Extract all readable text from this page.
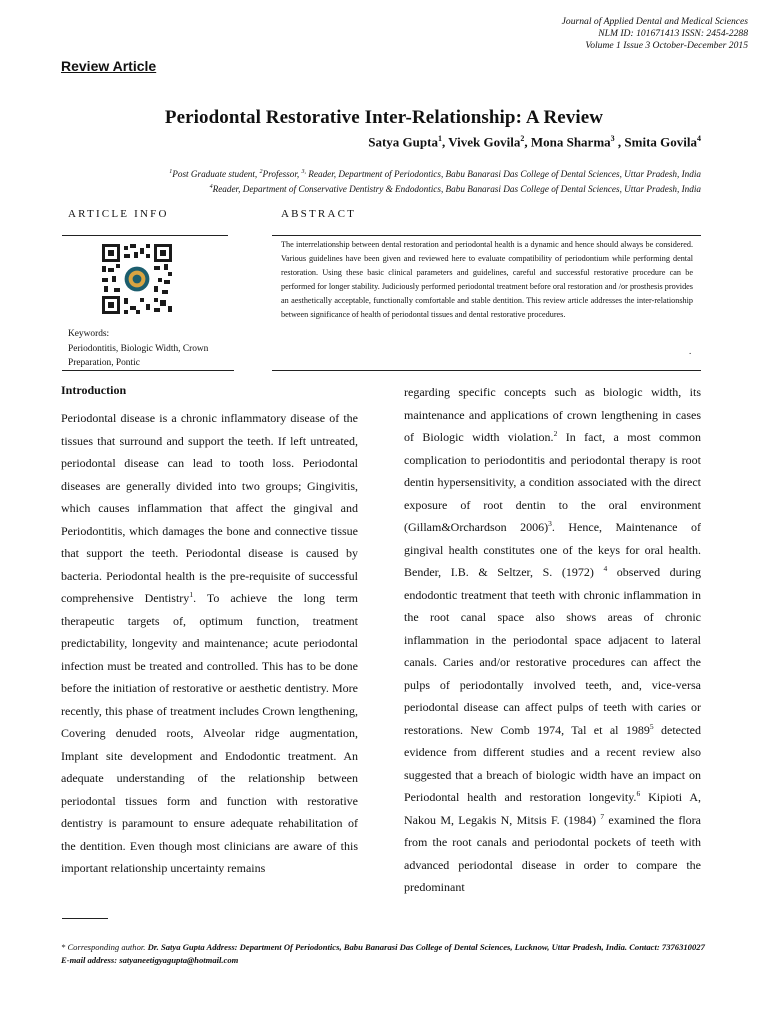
Journal of Applied Dental and Medical Sciences
NLM ID: 101671413 ISSN: 2454-2288
Volume 1 Issue 3 October-December 2015
Review Article
Periodontal Restorative Inter-Relationship: A Review
Satya Gupta$^1$, Vivek Govila$^2$, Mona Sharma$^3$ , Smita Govila$^4$
$^1$Post Graduate student, $^2$Professor, $^{3,}$ Reader, Department of Periodontics, Babu Banarasi Das College of Dental Sciences, Uttar Pradesh, India
$^4$Reader, Department of Conservative Dentistry & Endodontics, Babu Banarasi Das College of Dental Sciences, Uttar Pradesh, India
ARTICLE INFO	ABSTRACT
Keywords:
Periodontitis, Biologic Width, Crown
Preparation, Pontic
The interrelationship between dental restoration and periodontal health is a dynamic and hence should always be considered. Various guidelines have been given and reviewed here to evaluate compatibility of periodontium while performing dental restoration. Using these basic clinical parameters and guidelines, careful and successful restorative procedure can be performed for longer stability. Judiciously performed periodontal treatment before oral restoration and /or prosthesis provides an aesthetically acceptable, functionally comfortable and stable dentition. This review article addresses the inter-relationship between significance of health of periodontal tissues and dental restorative procedures.
.
Introduction

Periodontal disease is a chronic inflammatory disease of the tissues that surround and support the teeth. If left untreated, periodontal disease can lead to tooth loss. Periodontal diseases are generally divided into two groups; Gingivitis, which causes inflammation that affect the gingival and Periodontitis, which damages the bone and connective tissue that support the teeth. Periodontal disease is caused by bacteria. Periodontal health is the pre-requisite of successful comprehensive Dentistry$^1$. To achieve the long term therapeutic targets of, optimum function, treatment predictability, longevity and maintenance; acute periodontal infection must be treated and controlled. This has to be done before the initiation of restorative or aesthetic dentistry. More recently, this phase of treatment includes Crown lengthening, Covering denuded roots, Alveolar ridge augmentation, Implant site development and Endodontic treatment. An adequate understanding of the relationship between periodontal tissues form and function with restorative dentistry is paramount to ensure adequate rehabilitation of the dentition. Even though most clinicians are aware of this important relationship uncertainty remains

regarding specific concepts such as biologic width, its maintenance and applications of crown lengthening in cases of Biologic width violation.$^2$ In fact, a most common complication to periodontitis and periodontal therapy is root dentin hypersensitivity, a condition associated with the direct exposure of root dentin to the oral environment (Gillam&Orchardson 2006)$^3$. Hence, Maintenance of gingival health constitutes one of the keys for oral health. Bender, I.B. & Seltzer, S. (1972) $^4$ observed during endodontic treatment that teeth with chronic inflammation in the root canal space also shows areas of chronic inflammation in the periodontal space adjacent to lateral canals. Caries and/or restorative procedures can affect the pulps of periodontally involved teeth, and, vice-versa periodontal disease can affect pulps of teeth with caries or restorations. New Comb 1974, Tal et al 1989$^5$ detected evidence from different studies and a recent review also suggested that a breach of biologic width have an impact on Periodontal health and restoration longevity.$^6$ Kipioti A, Nakou M, Legakis N, Mitsis F. (1984) $^7$ examined the flora from the root canals and periodontal pockets of teeth with advanced periodontal disease in order to compare the predominant

* Corresponding author. Dr. Satya Gupta Address: Department Of Periodontics, Babu Banarasi Das College of Dental Sciences, Lucknow, Uttar Pradesh, India. Contact: 7376310027 E-mail address: satyaneetigyagupta@hotmail.com
